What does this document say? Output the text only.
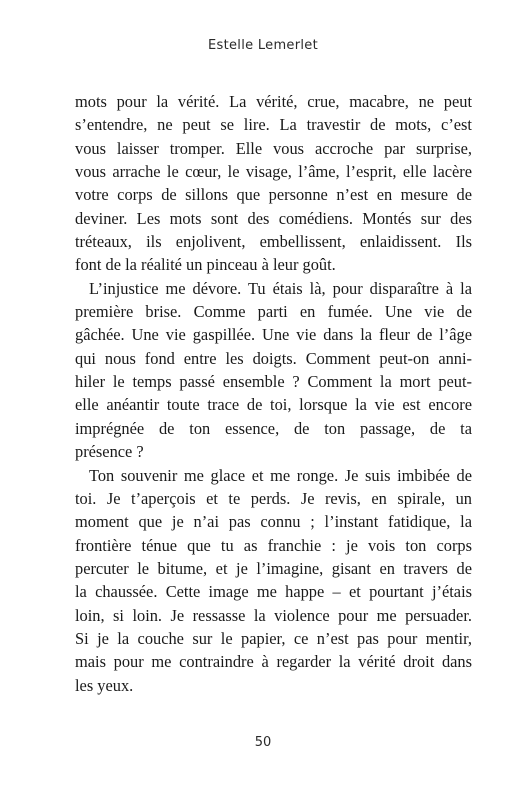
Estelle Lemerlet

mots pour la vérité. La vérité, crue, macabre, ne peut
s’entendre, ne peut se lire. La travestir de mots, c’est
vous laisser tromper. Elle vous accroche par surprise,
vous arrache le cœur, le visage, l’âme, l’esprit, elle lacère
votre corps de sillons que personne n’est en mesure de
deviner. Les mots sont des comédiens. Montés sur des
tréteaux, ils enjolivent, embellissent, enlaidissent. Ils
font de la réalité un pinceau à leur goût.

L’injustice me dévore. Tu étais là, pour disparaître à la
première brise. Comme parti en fumée. Une vie de
gâchée. Une vie gaspillée. Une vie dans la fleur de l’âge
qui nous fond entre les doigts. Comment peut-on anni-
hiler le temps passé ensemble ? Comment la mort peut-
elle anéantir toute trace de toi, lorsque la vie est encore
imprégnée de ton essence, de ton passage, de ta
présence ?

Ton souvenir me glace et me ronge. Je suis imbibée de
toi. Je t’aperçois et te perds. Je revis, en spirale, un
moment que je n’ai pas connu ; l’instant fatidique, la
frontière ténue que tu as franchie : je vois ton corps
percuter le bitume, et je l’imagine, gisant en travers de
la chaussée. Cette image me happe – et pourtant j’étais
loin, si loin. Je ressasse la violence pour me persuader.
Si je la couche sur le papier, ce n’est pas pour mentir,
mais pour me contraindre à regarder la vérité droit dans
les yeux.

50
